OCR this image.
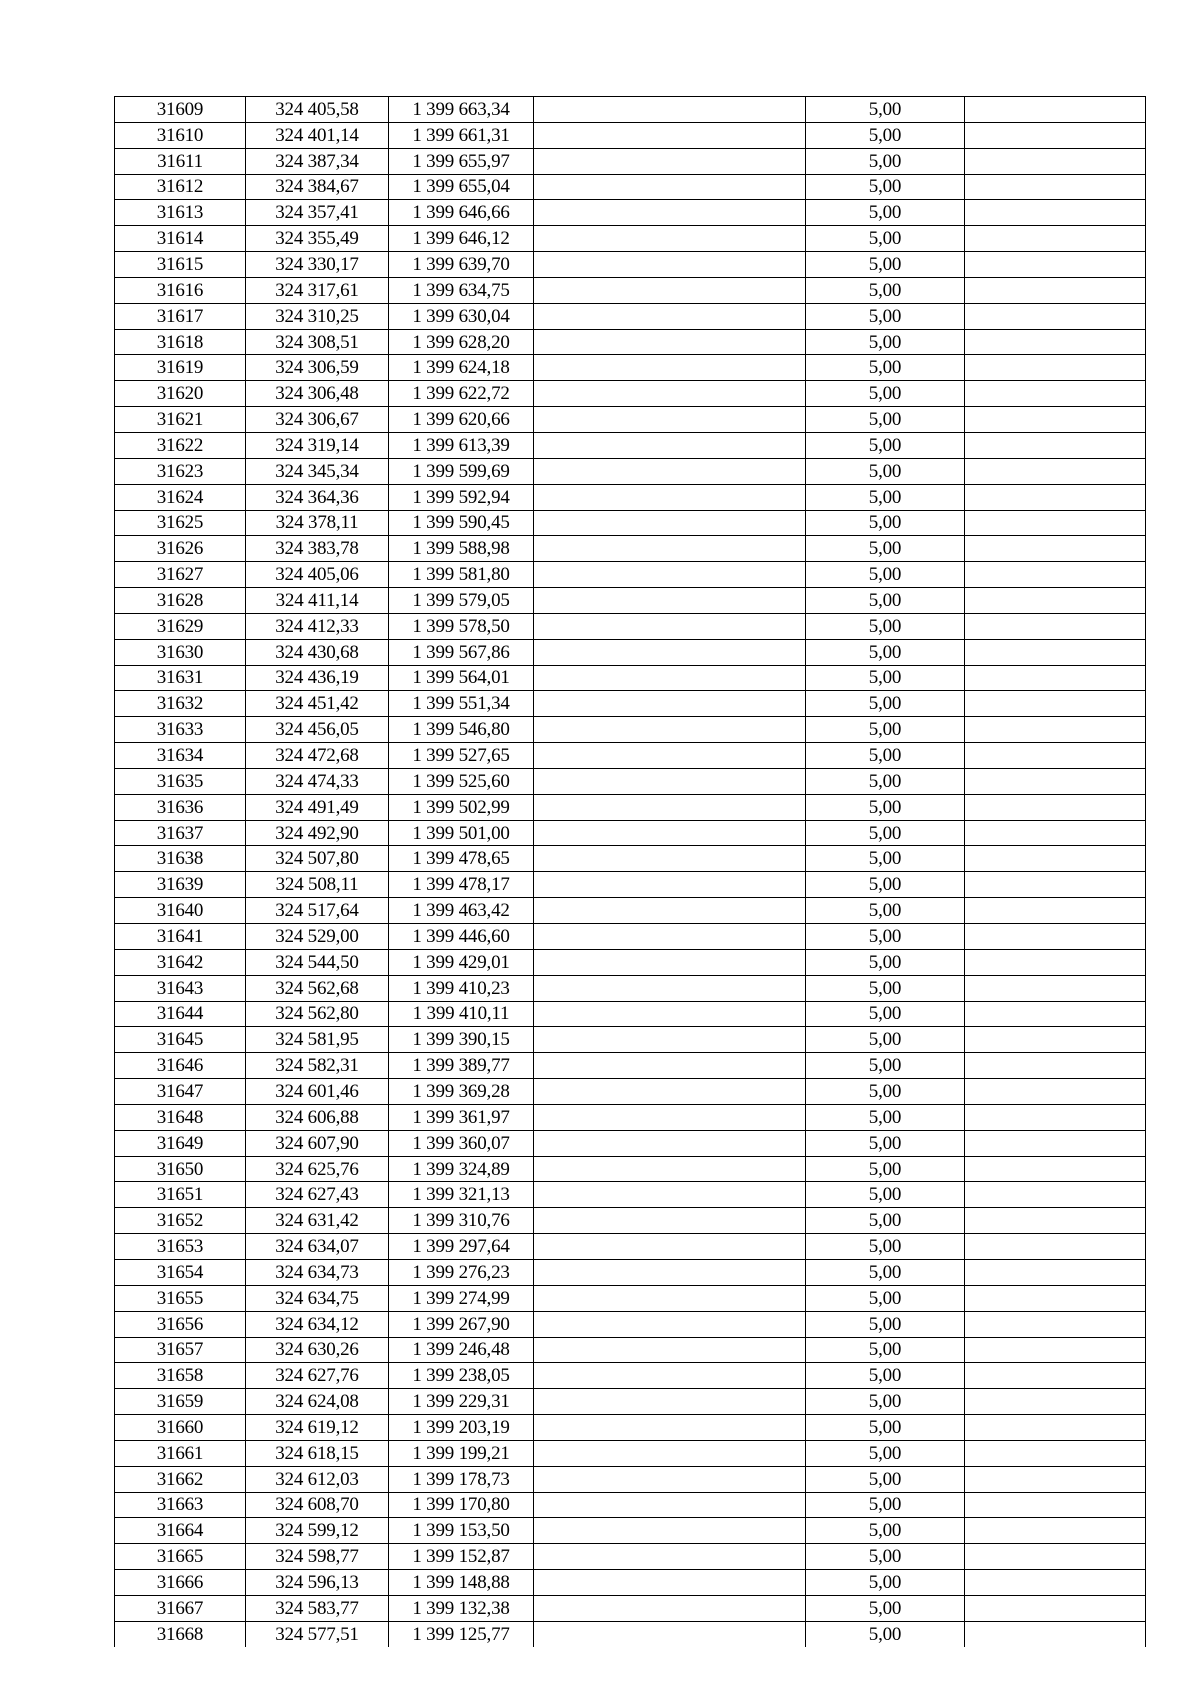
31609	324 405,58	1 399 663,34		5,00	
31610	324 401,14	1 399 661,31		5,00	
31611	324 387,34	1 399 655,97		5,00	
31612	324 384,67	1 399 655,04		5,00	
31613	324 357,41	1 399 646,66		5,00	
31614	324 355,49	1 399 646,12		5,00	
31615	324 330,17	1 399 639,70		5,00	
31616	324 317,61	1 399 634,75		5,00	
31617	324 310,25	1 399 630,04		5,00	
31618	324 308,51	1 399 628,20		5,00	
31619	324 306,59	1 399 624,18		5,00	
31620	324 306,48	1 399 622,72		5,00	
31621	324 306,67	1 399 620,66		5,00	
31622	324 319,14	1 399 613,39		5,00	
31623	324 345,34	1 399 599,69		5,00	
31624	324 364,36	1 399 592,94		5,00	
31625	324 378,11	1 399 590,45		5,00	
31626	324 383,78	1 399 588,98		5,00	
31627	324 405,06	1 399 581,80		5,00	
31628	324 411,14	1 399 579,05		5,00	
31629	324 412,33	1 399 578,50		5,00	
31630	324 430,68	1 399 567,86		5,00	
31631	324 436,19	1 399 564,01		5,00	
31632	324 451,42	1 399 551,34		5,00	
31633	324 456,05	1 399 546,80		5,00	
31634	324 472,68	1 399 527,65		5,00	
31635	324 474,33	1 399 525,60		5,00	
31636	324 491,49	1 399 502,99		5,00	
31637	324 492,90	1 399 501,00		5,00	
31638	324 507,80	1 399 478,65		5,00	
31639	324 508,11	1 399 478,17		5,00	
31640	324 517,64	1 399 463,42		5,00	
31641	324 529,00	1 399 446,60		5,00	
31642	324 544,50	1 399 429,01		5,00	
31643	324 562,68	1 399 410,23		5,00	
31644	324 562,80	1 399 410,11		5,00	
31645	324 581,95	1 399 390,15		5,00	
31646	324 582,31	1 399 389,77		5,00	
31647	324 601,46	1 399 369,28		5,00	
31648	324 606,88	1 399 361,97		5,00	
31649	324 607,90	1 399 360,07		5,00	
31650	324 625,76	1 399 324,89		5,00	
31651	324 627,43	1 399 321,13		5,00	
31652	324 631,42	1 399 310,76		5,00	
31653	324 634,07	1 399 297,64		5,00	
31654	324 634,73	1 399 276,23		5,00	
31655	324 634,75	1 399 274,99		5,00	
31656	324 634,12	1 399 267,90		5,00	
31657	324 630,26	1 399 246,48		5,00	
31658	324 627,76	1 399 238,05		5,00	
31659	324 624,08	1 399 229,31		5,00	
31660	324 619,12	1 399 203,19		5,00	
31661	324 618,15	1 399 199,21		5,00	
31662	324 612,03	1 399 178,73		5,00	
31663	324 608,70	1 399 170,80		5,00	
31664	324 599,12	1 399 153,50		5,00	
31665	324 598,77	1 399 152,87		5,00	
31666	324 596,13	1 399 148,88		5,00	
31667	324 583,77	1 399 132,38		5,00	
31668	324 577,51	1 399 125,77		5,00	
